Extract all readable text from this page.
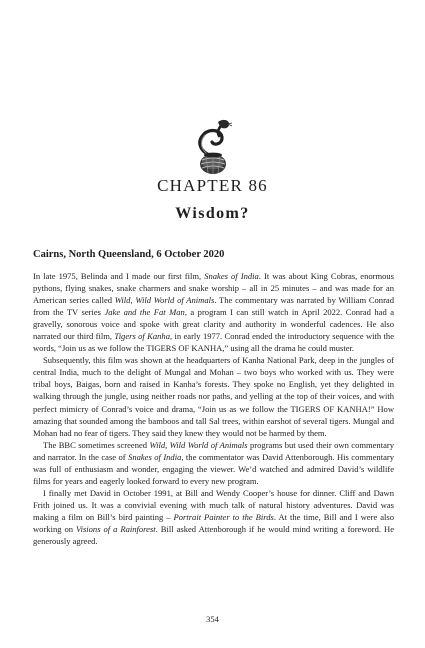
CHAPTER 86
Wisdom?
Cairns, North Queensland, 6 October 2020

In late 1975, Belinda and I made our first film, Snakes of India. It was about King Cobras, enormous pythons, flying snakes, snake charmers and snake worship – all in 25 minutes – and was made for an American series called Wild, Wild World of Animals. The commentary was narrated by William Conrad from the TV series Jake and the Fat Man, a program I can still watch in April 2022. Conrad had a gravelly, sonorous voice and spoke with great clarity and authority in wonderful cadences. He also narrated our third film, Tigers of Kanha, in early 1977. Conrad ended the introductory sequence with the words, “Join us as we follow the TIGERS OF KANHA,” using all the drama he could muster.

Subsequently, this film was shown at the headquarters of Kanha National Park, deep in the jungles of central India, much to the delight of Mungal and Mohan – two boys who worked with us. They were tribal boys, Baigas, born and raised in Kanha’s forests. They spoke no English, yet they delighted in walking through the jungle, using neither roads nor paths, and yelling at the top of their voices, and with perfect mimicry of Conrad’s voice and drama, “Join us as we follow the TIGERS OF KANHA!” How amazing that sounded among the bamboos and tall Sal trees, within earshot of several tigers. Mungal and Mohan had no fear of tigers. They said they knew they would not be harmed by them.

The BBC sometimes screened Wild, Wild World of Animals programs but used their own commentary and narrator. In the case of Snakes of India, the commentator was David Attenborough. His commentary was full of enthusiasm and wonder, engaging the viewer. We’d watched and admired David’s wildlife films for years and eagerly looked forward to every new program.

I finally met David in October 1991, at Bill and Wendy Cooper’s house for dinner. Cliff and Dawn Frith joined us. It was a convivial evening with much talk of natural history adventures. David was making a film on Bill’s bird painting – Portrait Painter to the Birds. At the time, Bill and I were also working on Visions of a Rainforest. Bill asked Attenborough if he would mind writing a foreword. He generously agreed.

354
